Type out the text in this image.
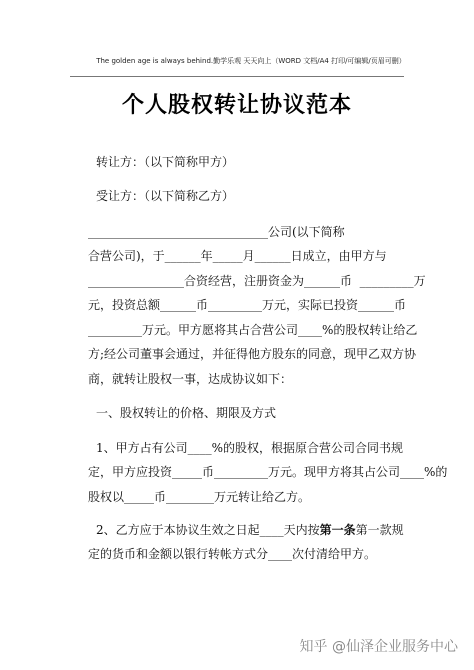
The golden age is always behind.勤学乐观 天天向上（WORD 文档/A4 打印/可编辑/页眉可删）
个人股权转让协议范本
转让方：（以下简称甲方）
受让方：（以下简称乙方）
______________________________公司(以下简称
合营公司)，于______年_____月______日成立，由甲方与
________________合资经营，注册资金为______币  _________万
元，投资总额______币_________万元，实际已投资______币
_________万元。甲方愿将其占合营公司____%的股权转让给乙
方;经公司董事会通过，并征得他方股东的同意，现甲乙双方协
商，就转让股权一事，达成协议如下：
一、股权转让的价格、期限及方式
1、甲方占有公司____%的股权，根据原合营公司合同书规
定，甲方应投资_____币_________万元。现甲方将其占公司____%的
股权以_____币________万元转让给乙方。
2、乙方应于本协议生效之日起____天内按第一条第一款规
定的货币和金额以银行转帐方式分____次付清给甲方。
知乎 @仙泽企业服务中心
